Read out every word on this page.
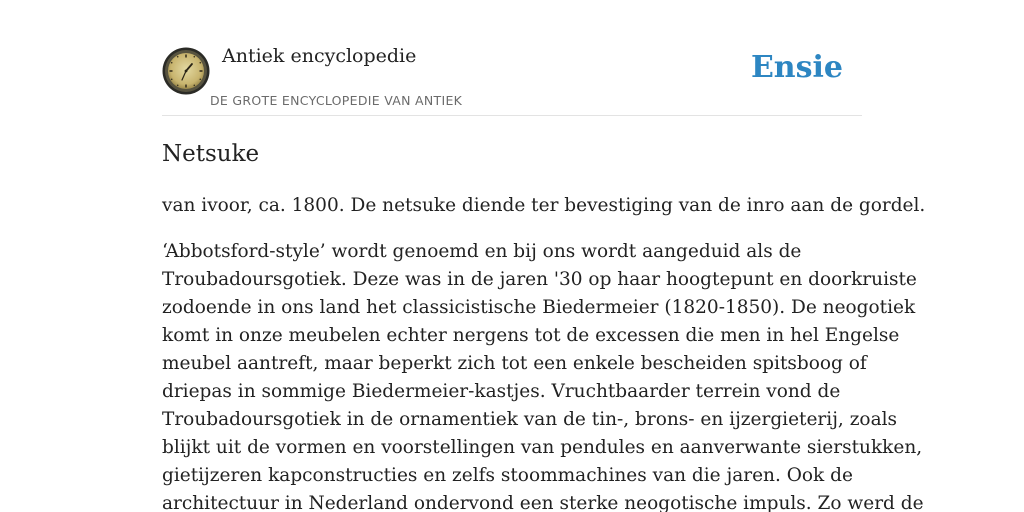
Antiek encyclopedie
DE GROTE ENCYCLOPEDIE VAN ANTIEK
Ensie
Netsuke

van ivoor, ca. 1800. De netsuke diende ter bevestiging van de inro aan de gordel.

‘Abbotsford-style’ wordt genoemd en bij ons wordt aangeduid als de
Troubadoursgotiek. Deze was in de jaren '30 op haar hoogtepunt en doorkruiste
zodoende in ons land het classicistische Biedermeier (1820-1850). De neogotiek
komt in onze meubelen echter nergens tot de excessen die men in hel Engelse
meubel aantreft, maar beperkt zich tot een enkele bescheiden spitsboog of
driepas in sommige Biedermeier-kastjes. Vruchtbaarder terrein vond de
Troubadoursgotiek in de ornamentiek van de tin-, brons- en ijzergieterij, zoals
blijkt uit de vormen en voorstellingen van pendules en aanverwante sierstukken,
gietijzeren kapconstructies en zelfs stoommachines van die jaren. Ook de
architectuur in Nederland ondervond een sterke neogotische impuls. Zo werd de
